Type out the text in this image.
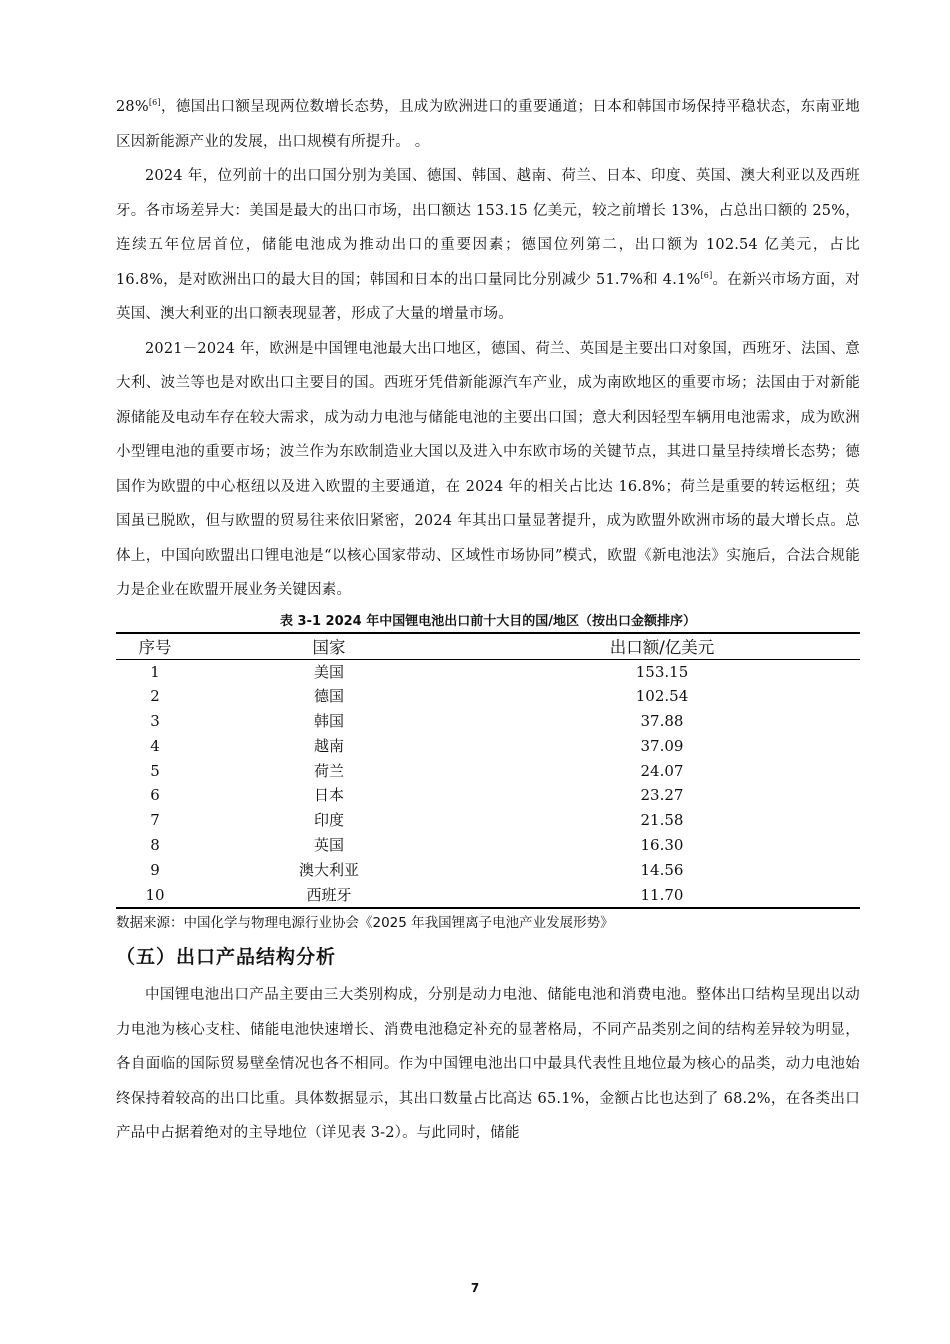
28%[6]，德国出口额呈现两位数增长态势，且成为欧洲进口的重要通道；日本和韩国市场保持平稳状态，东南亚地区因新能源产业的发展，出口规模有所提升。 。

2024 年，位列前十的出口国分别为美国、德国、韩国、越南、荷兰、日本、印度、英国、澳大利亚以及西班牙。各市场差异大：美国是最大的出口市场，出口额达 153.15 亿美元，较之前增长 13%，占总出口额的 25%，连续五年位居首位，储能电池成为推动出口的重要因素；德国位列第二，出口额为 102.54 亿美元，占比 16.8%，是对欧洲出口的最大目的国；韩国和日本的出口量同比分别减少 51.7%和 4.1%[6]。在新兴市场方面，对英国、澳大利亚的出口额表现显著，形成了大量的增量市场。

2021－2024 年，欧洲是中国锂电池最大出口地区，德国、荷兰、英国是主要出口对象国，西班牙、法国、意大利、波兰等也是对欧出口主要目的国。西班牙凭借新能源汽车产业，成为南欧地区的重要市场；法国由于对新能源储能及电动车存在较大需求，成为动力电池与储能电池的主要出口国；意大利因轻型车辆用电池需求，成为欧洲小型锂电池的重要市场；波兰作为东欧制造业大国以及进入中东欧市场的关键节点，其进口量呈持续增长态势；德国作为欧盟的中心枢纽以及进入欧盟的主要通道，在 2024 年的相关占比达 16.8%；荷兰是重要的转运枢纽；英国虽已脱欧，但与欧盟的贸易往来依旧紧密，2024 年其出口量显著提升，成为欧盟外欧洲市场的最大增长点。总体上，中国向欧盟出口锂电池是“以核心国家带动、区域性市场协同”模式，欧盟《新电池法》实施后，合法合规能力是企业在欧盟开展业务关键因素。

表 3-1 2024 年中国锂电池出口前十大目的国/地区（按出口金额排序）
序号	国家	出口额/亿美元
1	美国	153.15
2	德国	102.54
3	韩国	37.88
4	越南	37.09
5	荷兰	24.07
6	日本	23.27
7	印度	21.58
8	英国	16.30
9	澳大利亚	14.56
10	西班牙	11.70
数据来源：中国化学与物理电源行业协会《2025 年我国锂离子电池产业发展形势》
（五）出口产品结构分析

中国锂电池出口产品主要由三大类别构成，分别是动力电池、储能电池和消费电池。整体出口结构呈现出以动力电池为核心支柱、储能电池快速增长、消费电池稳定补充的显著格局，不同产品类别之间的结构差异较为明显，各自面临的国际贸易壁垒情况也各不相同。作为中国锂电池出口中最具代表性且地位最为核心的品类，动力电池始终保持着较高的出口比重。具体数据显示，其出口数量占比高达 65.1%，金额占比也达到了 68.2%，在各类出口产品中占据着绝对的主导地位（详见表 3-2）。与此同时，储能

7
